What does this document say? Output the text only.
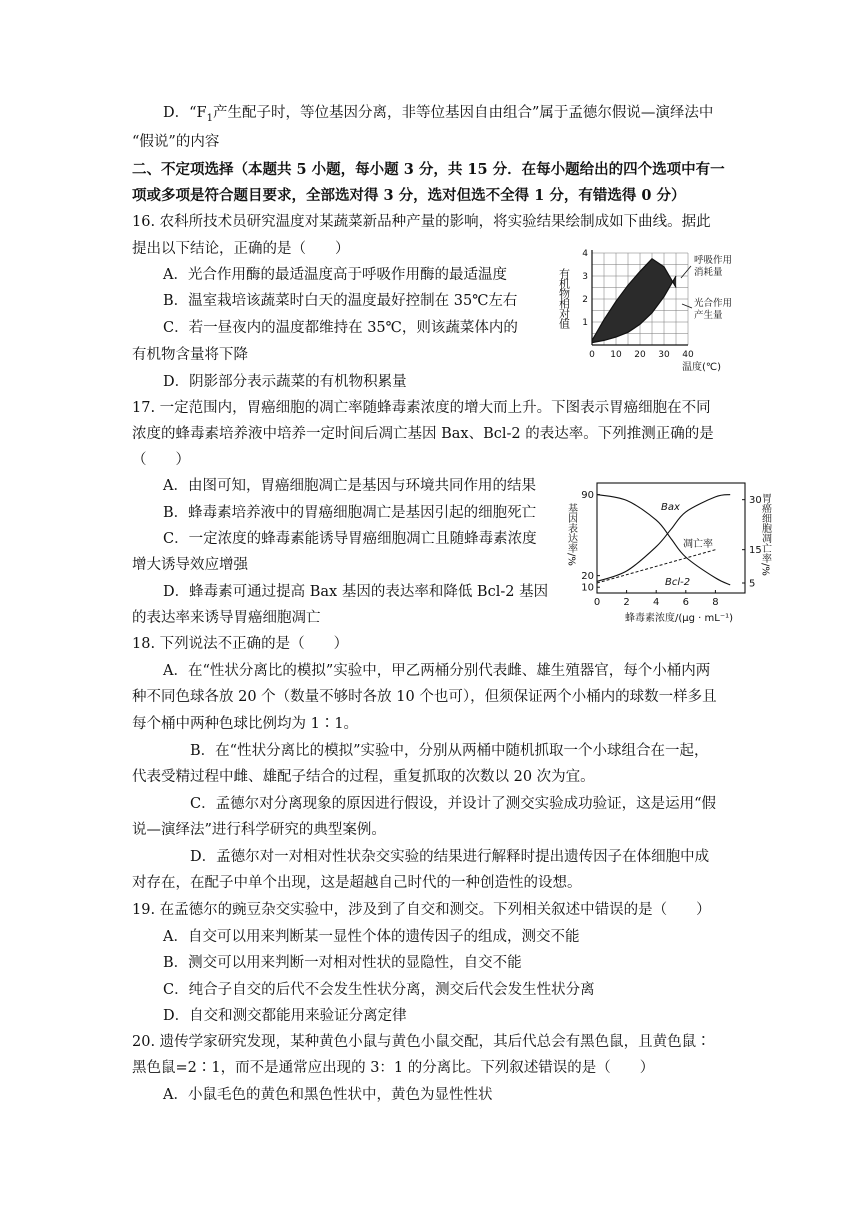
D．“$F_1$产生配子时，等位基因分离，非等位基因自由组合”属于孟德尔假说—演绎法中
“假说”的内容
二、不定项选择（本题共 5 小题，每小题 3 分，共 15 分．在每小题给出的四个选项中有一
项或多项是符合题目要求，全部选对得 3 分，选对但选不全得 1 分，有错选得 0 分）
16. 农科所技术员研究温度对某蔬菜新品种产量的影响，将实验结果绘制成如下曲线。据此
提出以下结论，正确的是（　　）
A．光合作用酶的最适温度高于呼吸作用酶的最适温度
B．温室栽培该蔬菜时白天的温度最好控制在 35℃左右
C．若一昼夜内的温度都维持在 35℃，则该蔬菜体内的
有机物含量将下降
D．阴影部分表示蔬菜的有机物积累量
0 10 20 30 40
1
2
3
4
有机物相对值
温度(℃)
呼吸作用
消耗量
光合作用
产生量
17. 一定范围内，胃癌细胞的凋亡率随蜂毒素浓度的增大而上升。下图表示胃癌细胞在不同
浓度的蜂毒素培养液中培养一定时间后凋亡基因 Bax、Bcl-2 的表达率。下列推测正确的是
（　　）
A．由图可知，胃癌细胞凋亡是基因与环境共同作用的结果
B．蜂毒素培养液中的胃癌细胞凋亡是基因引起的细胞死亡
C．一定浓度的蜂毒素能诱导胃癌细胞凋亡且随蜂毒素浓度
增大诱导效应增强
D．蜂毒素可通过提高 Bax 基因的表达率和降低 Bcl-2 基因
的表达率来诱导胃癌细胞凋亡
0 2 4 6 8
10
20
90
5
15
30
Bax
Bcl-2
凋亡率
基因表达率/%	胃癌细胞凋亡率/%
蜂毒素浓度/(μg · mL⁻¹)
18. 下列说法不正确的是（　　）
A．在“性状分离比的模拟”实验中，甲乙两桶分别代表雌、雄生殖器官，每个小桶内两
种不同色球各放 20 个（数量不够时各放 10 个也可），但须保证两个小桶内的球数一样多且
每个桶中两种色球比例均为 1∶1。
B．在“性状分离比的模拟”实验中，分别从两桶中随机抓取一个小球组合在一起，
代表受精过程中雌、雄配子结合的过程，重复抓取的次数以 20 次为宜。
C．孟德尔对分离现象的原因进行假设，并设计了测交实验成功验证，这是运用“假
说—演绎法”进行科学研究的典型案例。
D．孟德尔对一对相对性状杂交实验的结果进行解释时提出遗传因子在体细胞中成
对存在，在配子中单个出现，这是超越自己时代的一种创造性的设想。
19. 在孟德尔的豌豆杂交实验中，涉及到了自交和测交。下列相关叙述中错误的是（　　）
A．自交可以用来判断某一显性个体的遗传因子的组成，测交不能
B．测交可以用来判断一对相对性状的显隐性，自交不能
C．纯合子自交的后代不会发生性状分离，测交后代会发生性状分离
D．自交和测交都能用来验证分离定律
20. 遗传学家研究发现，某种黄色小鼠与黄色小鼠交配，其后代总会有黑色鼠，且黄色鼠∶
黑色鼠=2∶1，而不是通常应出现的 3：1 的分离比。下列叙述错误的是（　　）
A．小鼠毛色的黄色和黑色性状中，黄色为显性性状
